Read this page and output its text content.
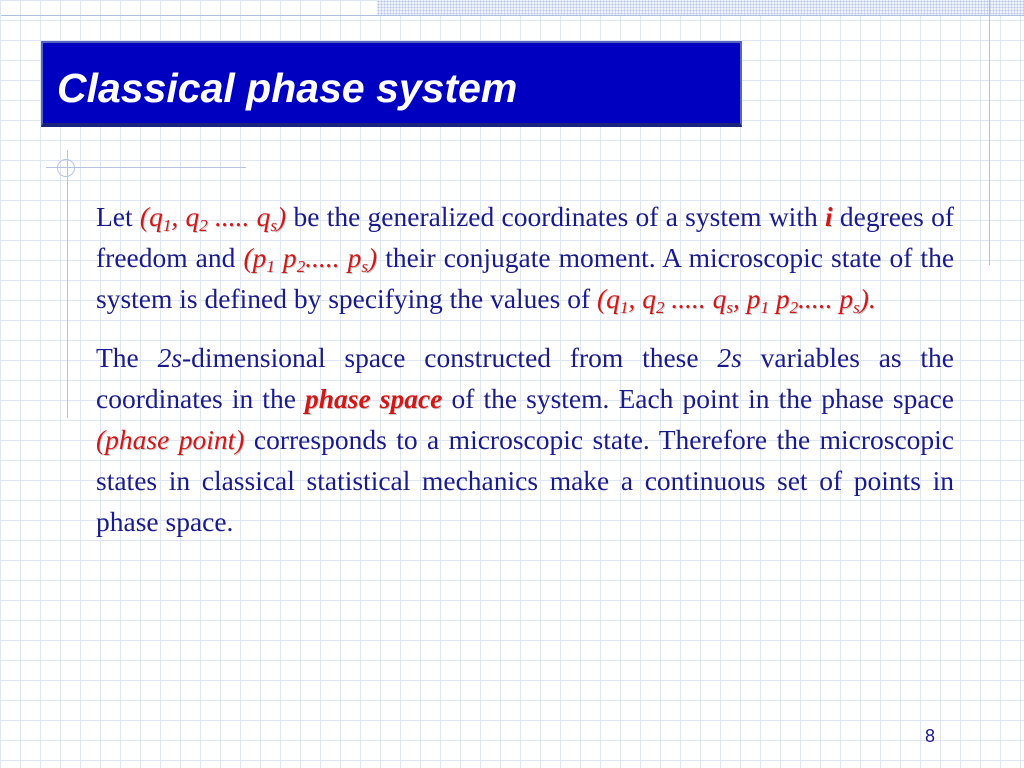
Classical phase system

Let ($q_1$, $q_2$ ..... $q_s$) be the generalized coordinates of a system with i degrees of freedom and ($p_1$ $p_2$..... $p_s$) their conjugate moment. A microscopic state of the system is defined by specifying the values of ($q_1$, $q_2$ ..... $q_s$, $p_1$ $p_2$..... $p_s$).

The 2s-dimensional space constructed from these 2s variables as the coordinates in the phase space of the system. Each point in the phase space (phase point) corresponds to a microscopic state. Therefore the microscopic states in classical statistical mechanics make a continuous set of points in phase space.

8
